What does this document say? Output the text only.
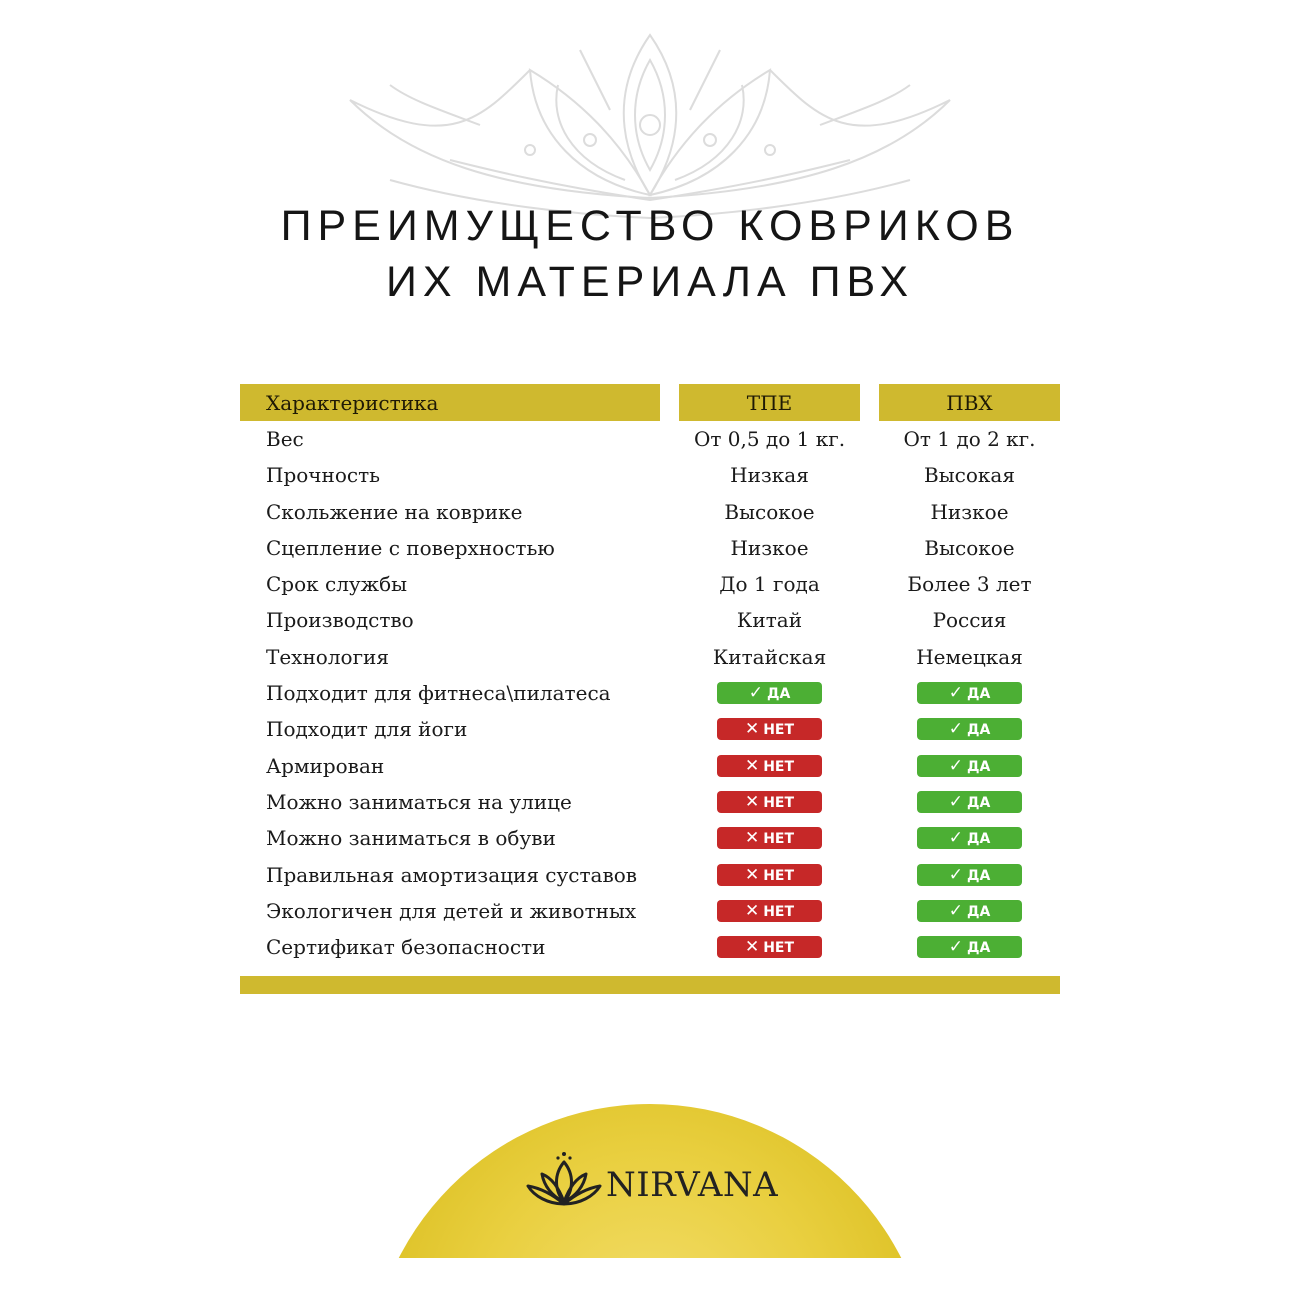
ПРЕИМУЩЕСТВО КОВРИКОВ
ИХ МАТЕРИАЛА ПВХ
Характеристика	ТПЕ	ПВХ
Вес	От 0,5 до 1 кг.	От 1 до 2 кг.
Прочность	Низкая	Высокая
Скольжение на коврике	Высокое	Низкое
Сцепление с поверхностью	Низкое	Высокое
Срок службы	До 1 года	Более 3 лет
Производство	Китай	Россия
Технология	Китайская	Немецкая
Подходит для фитнеса\пилатеса	✓ ДА	✓ ДА
Подходит для йоги	✕ НЕТ	✓ ДА
Армирован	✕ НЕТ	✓ ДА
Можно заниматься на улице	✕ НЕТ	✓ ДА
Можно заниматься в обуви	✕ НЕТ	✓ ДА
Правильная амортизация суставов	✕ НЕТ	✓ ДА
Экологичен для детей и животных	✕ НЕТ	✓ ДА
Сертификат безопасности	✕ НЕТ	✓ ДА
NIRVANA
